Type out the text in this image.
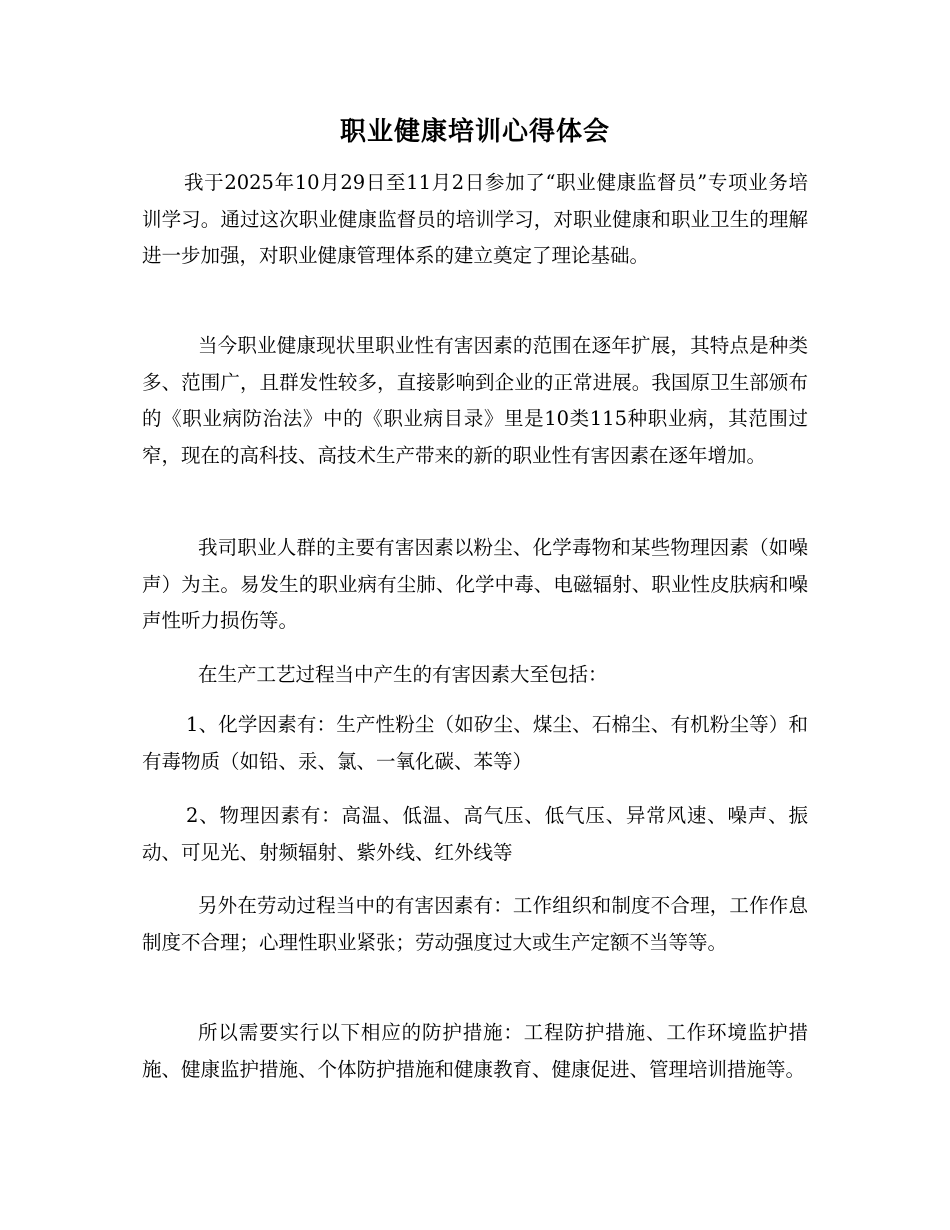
职业健康培训心得体会

我于2025年10月29日至11月2日参加了“职业健康监督员”专项业务培训学习。通过这次职业健康监督员的培训学习，对职业健康和职业卫生的理解进一步加强，对职业健康管理体系的建立奠定了理论基础。

当今职业健康现状里职业性有害因素的范围在逐年扩展，其特点是种类多、范围广，且群发性较多，直接影响到企业的正常进展。我国原卫生部颁布的《职业病防治法》中的《职业病目录》里是10类115种职业病，其范围过窄，现在的高科技、高技术生产带来的新的职业性有害因素在逐年增加。

我司职业人群的主要有害因素以粉尘、化学毒物和某些物理因素（如噪声）为主。易发生的职业病有尘肺、化学中毒、电磁辐射、职业性皮肤病和噪声性听力损伤等。

在生产工艺过程当中产生的有害因素大至包括：

1、化学因素有：生产性粉尘（如矽尘、煤尘、石棉尘、有机粉尘等）和有毒物质（如铅、汞、氯、一氧化碳、苯等）

2、物理因素有：高温、低温、高气压、低气压、异常风速、噪声、振动、可见光、射频辐射、紫外线、红外线等

另外在劳动过程当中的有害因素有：工作组织和制度不合理，工作作息制度不合理；心理性职业紧张；劳动强度过大或生产定额不当等等。

所以需要实行以下相应的防护措施：工程防护措施、工作环境监护措施、健康监护措施、个体防护措施和健康教育、健康促进、管理培训措施等。
